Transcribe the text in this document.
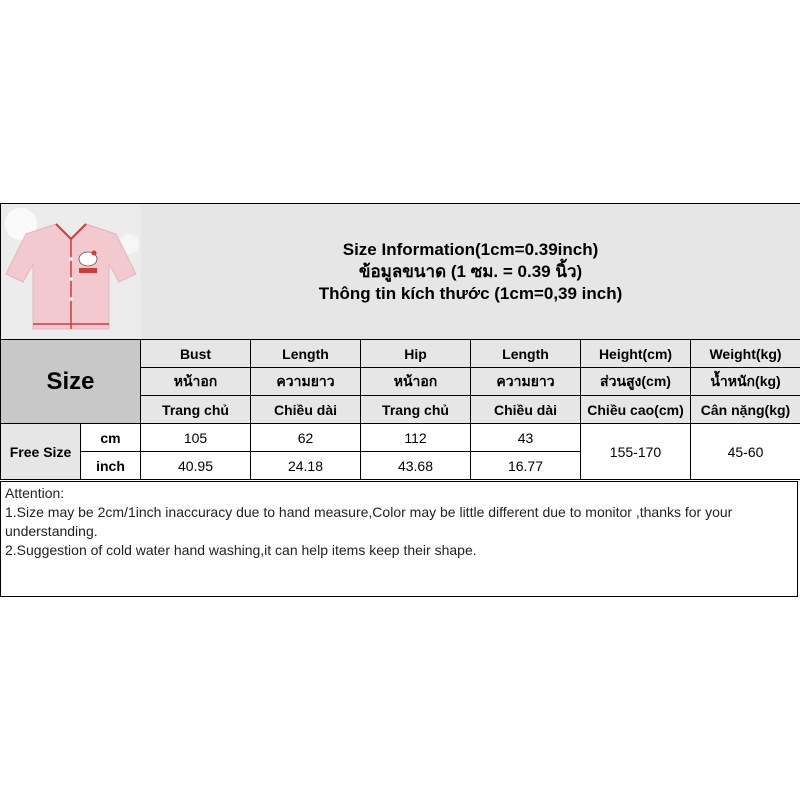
Size Information(1cm=0.39inch)
ข้อมูลขนาด (1 ซม. = 0.39 นิ้ว)
Thông tin kích thước (1cm=0,39 inch)					

Size		Bust	Length	Hip	Length	Height(cm)	Weight(kg)
		หน้าอก	ความยาว	หน้าอก	ความยาว	ส่วนสูง(cm)	น้ำหนัก(kg)
		Trang chủ	Chiều dài	Trang chủ	Chiều dài	Chiều cao(cm)	Cân nặng(kg)
Free Size	cm	105	62	112	43	155-170	45-60
	inch	40.95	24.18	43.68	16.77		
Attention:
1.Size may be 2cm/1inch inaccuracy due to hand measure,Color may be little different due to monitor ,thanks for your understanding.
2.Suggestion of cold water hand washing,it can help items keep their shape.
